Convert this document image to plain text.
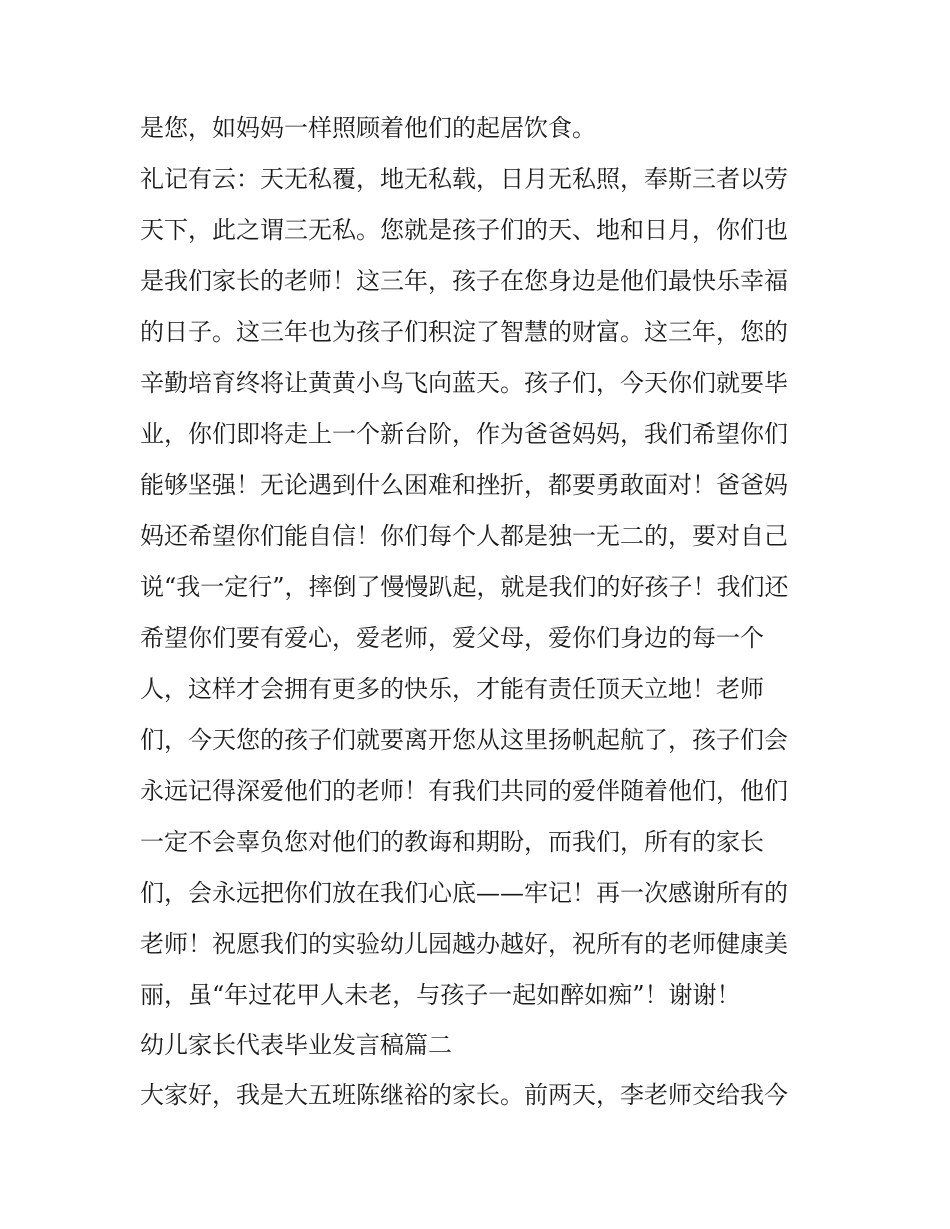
是您，如妈妈一样照顾着他们的起居饮食。
礼记有云：天无私覆，地无私载，日月无私照，奉斯三者以劳
天下，此之谓三无私。您就是孩子们的天、地和日月，你们也
是我们家长的老师！这三年，孩子在您身边是他们最快乐幸福
的日子。这三年也为孩子们积淀了智慧的财富。这三年，您的
辛勤培育终将让黄黄小鸟飞向蓝天。孩子们，今天你们就要毕
业，你们即将走上一个新台阶，作为爸爸妈妈，我们希望你们
能够坚强！无论遇到什么困难和挫折，都要勇敢面对！爸爸妈
妈还希望你们能自信！你们每个人都是独一无二的，要对自己
说“我一定行”，摔倒了慢慢趴起，就是我们的好孩子！我们还
希望你们要有爱心，爱老师，爱父母，爱你们身边的每一个
人，这样才会拥有更多的快乐，才能有责任顶天立地！老师
们，今天您的孩子们就要离开您从这里扬帆起航了，孩子们会
永远记得深爱他们的老师！有我们共同的爱伴随着他们，他们
一定不会辜负您对他们的教诲和期盼，而我们，所有的家长
们，会永远把你们放在我们心底——牢记！再一次感谢所有的
老师！祝愿我们的实验幼儿园越办越好，祝所有的老师健康美
丽，虽“年过花甲人未老，与孩子一起如醉如痴”！谢谢！
幼儿家长代表毕业发言稿篇二
大家好，我是大五班陈继裕的家长。前两天，李老师交给我今
